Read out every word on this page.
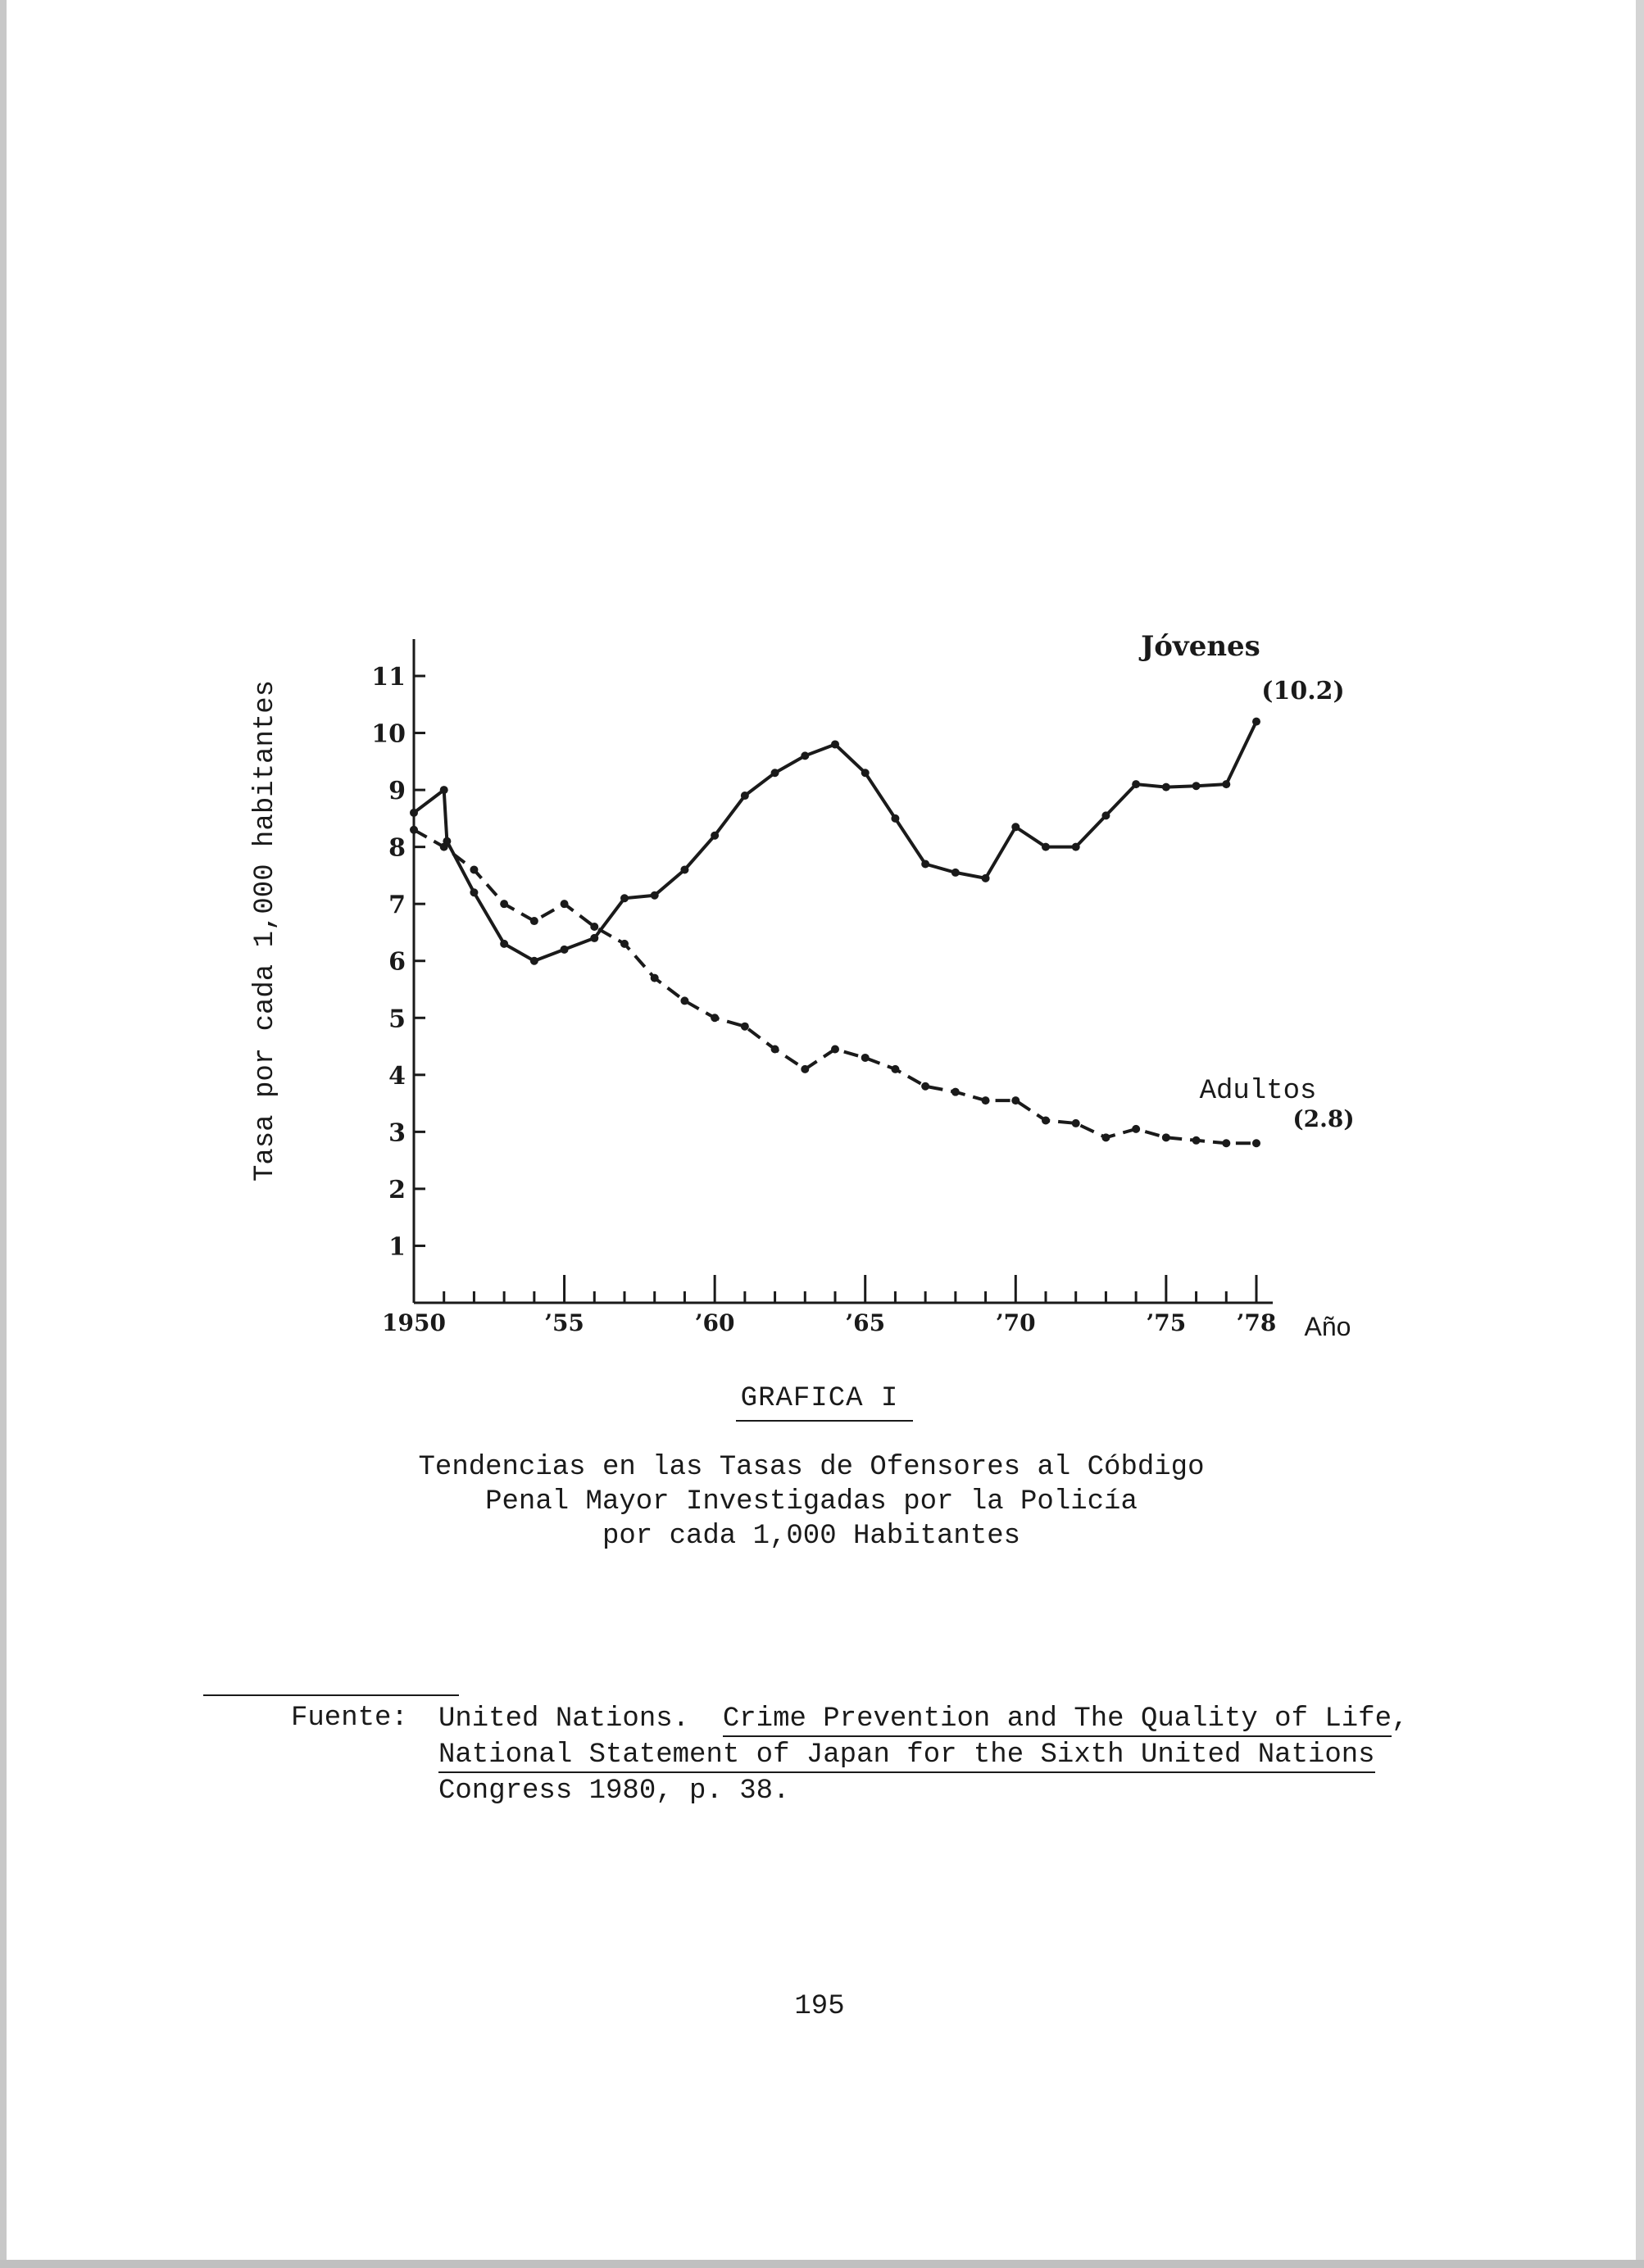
1
2
3
4
5
6
7
8
9
10
11
1950	’55	’60	’65	’70	’75 ’78 Año
Tasa por cada 1,000 habitantes
Jóvenes
(10.2)
Adultos
(2.8)
GRAFICA I
Tendencias en las Tasas de Ofensores al Cóbdigo
Penal Mayor Investigadas por la Policía
por cada 1,000 Habitantes
Fuente: United Nations.  Crime Prevention and The Quality of Life,
National Statement of Japan for the Sixth United Nations
Congress 1980, p. 38.
195
